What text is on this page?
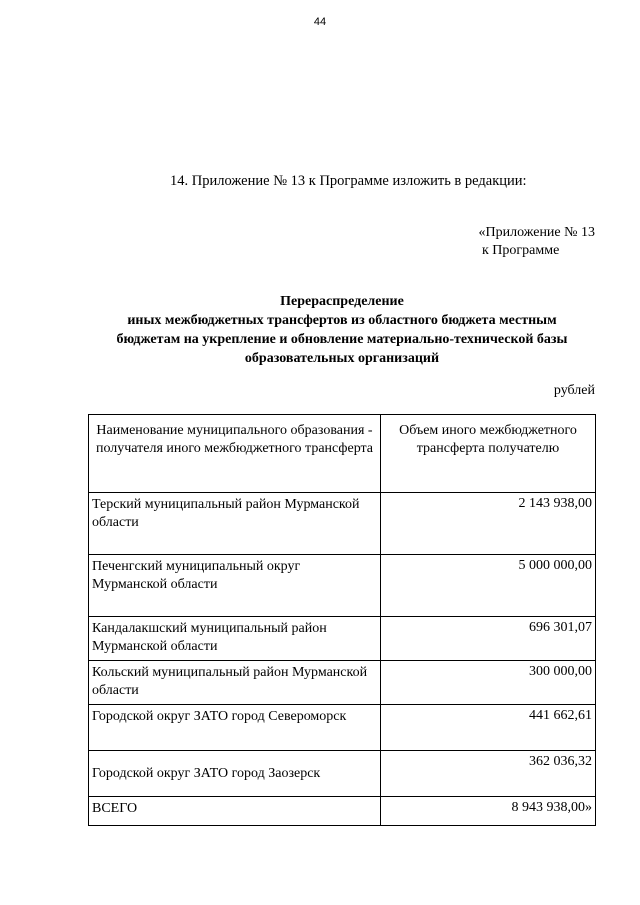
44
14. Приложение № 13 к Программе изложить в редакции:
«Приложение № 13
к Программе
Перераспределение
иных межбюджетных трансфертов из областного бюджета местным
бюджетам на укрепление и обновление материально-технической базы
образовательных организаций
рублей
Наименование муниципального образования - получателя иного межбюджетного трансферта	Объем иного межбюджетного трансферта получателю
Терский муниципальный район Мурманской области	2 143 938,00
Печенгский муниципальный округ Мурманской области	5 000 000,00
Кандалакшский муниципальный район Мурманской области	696 301,07
Кольский муниципальный район Мурманской области	300 000,00
Городской округ ЗАТО город Североморск	441 662,61
Городской округ ЗАТО город Заозерск	362 036,32
ВСЕГО	8 943 938,00»
